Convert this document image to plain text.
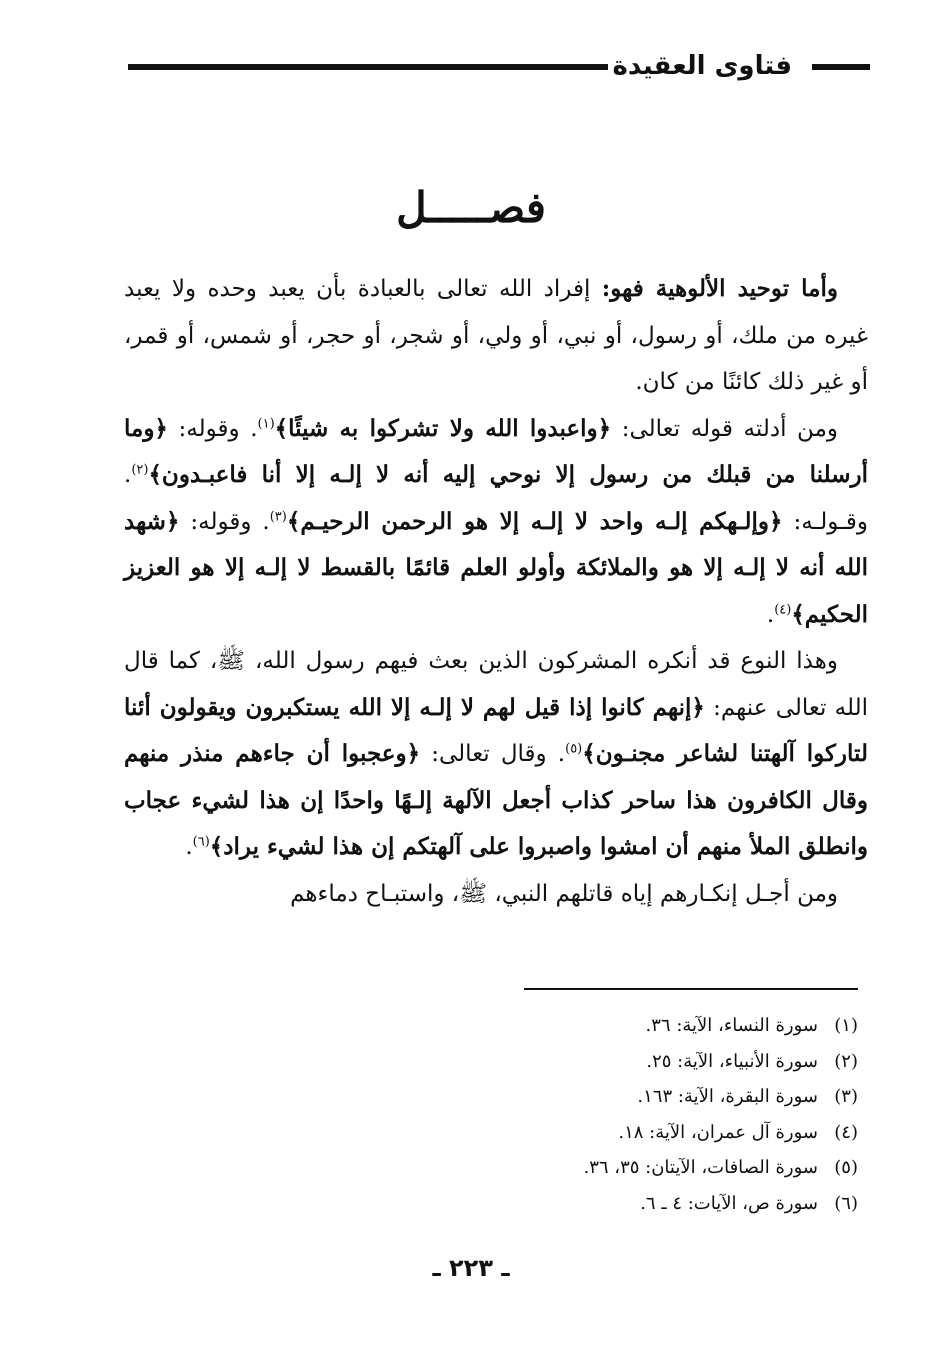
فتاوى العقيدة
فصـــــل

وأما توحيد الألوهية فهو: إفراد الله تعالى بالعبادة بأن يعبد وحده ولا يعبد غيره من ملك، أو رسول، أو نبي، أو ولي، أو شجر، أو حجر، أو شمس، أو قمر، أو غير ذلك كائنًا من كان.

ومن أدلته قوله تعالى: ﴿واعبدوا الله ولا تشركوا به شيئًا﴾$^{(١)}$. وقوله: ﴿وما أرسلنا من قبلك من رسول إلا نوحي إليه أنه لا إلـه إلا أنا فاعبـدون﴾$^{(٢)}$. وقـولـه: ﴿وإلـهكم إلـه واحد لا إلـه إلا هو الرحمن الرحيـم﴾$^{(٣)}$. وقوله: ﴿شهد الله أنه لا إلـه إلا هو والملائكة وأولو العلم قائمًا بالقسط لا إلـه إلا هو العزيز الحكيم﴾$^{(٤)}$.

وهذا النوع قد أنكره المشركون الذين بعث فيهم رسول الله، ﷺ، كما قال الله تعالى عنهم: ﴿إنهم كانوا إذا قيل لهم لا إلـه إلا الله يستكبرون ويقولون أئنا لتاركوا آلهتنا لشاعر مجنـون﴾$^{(٥)}$. وقال تعالى: ﴿وعجبوا أن جاءهم منذر منهم وقال الكافرون هذا ساحر كذاب أجعل الآلهة إلـهًا واحدًا إن هذا لشيء عجاب وانطلق الملأ منهم أن امشوا واصبروا على آلهتكم إن هذا لشيء يراد﴾$^{(٦)}$.

ومن أجـل إنكـارهم إياه قاتلهم النبي، ﷺ، واستبـاح دماءهم

(١)سورة النساء، الآية: ٣٦.
(٢)سورة الأنبياء، الآية: ٢٥.
(٣)سورة البقرة، الآية: ١٦٣.
(٤)سورة آل عمران، الآية: ١٨.
(٥)سورة الصافات، الآيتان: ٣٥، ٣٦.
(٦)سورة ص، الآيات: ٤ ـ ٦.
ـ ٢٢٣ ـ
